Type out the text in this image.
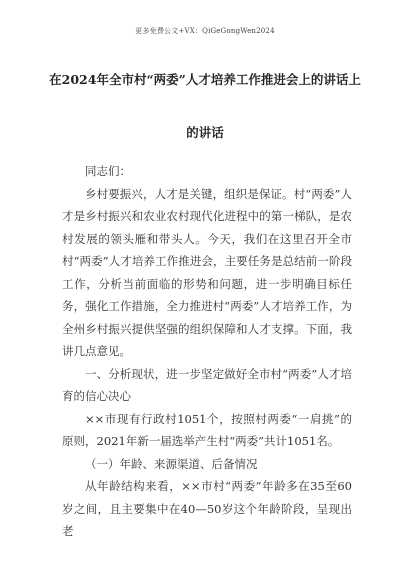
更多免费公文+VX：QiGeGongWen2024
在2024年全市村“两委”人才培养工作推进会上的讲话上
的讲话

同志们：

乡村要振兴，人才是关键，组织是保证。村“两委”人才是乡村振兴和农业农村现代化进程中的第一梯队，是农村发展的领头雁和带头人。今天，我们在这里召开全市村“两委”人才培养工作推进会，主要任务是总结前一阶段工作，分析当前面临的形势和问题，进一步明确目标任务，强化工作措施，全力推进村“两委”人才培养工作，为全州乡村振兴提供坚强的组织保障和人才支撑。下面，我讲几点意见。

一、分析现状，进一步坚定做好全市村“两委”人才培育的信心决心

××市现有行政村1051个，按照村两委“一肩挑”的原则，2021年新一届选举产生村“两委”共计1051名。

（一）年龄、来源渠道、后备情况

从年龄结构来看，××市村“两委”年龄多在35至60岁之间，且主要集中在40—50岁这个年龄阶段，呈现出老
